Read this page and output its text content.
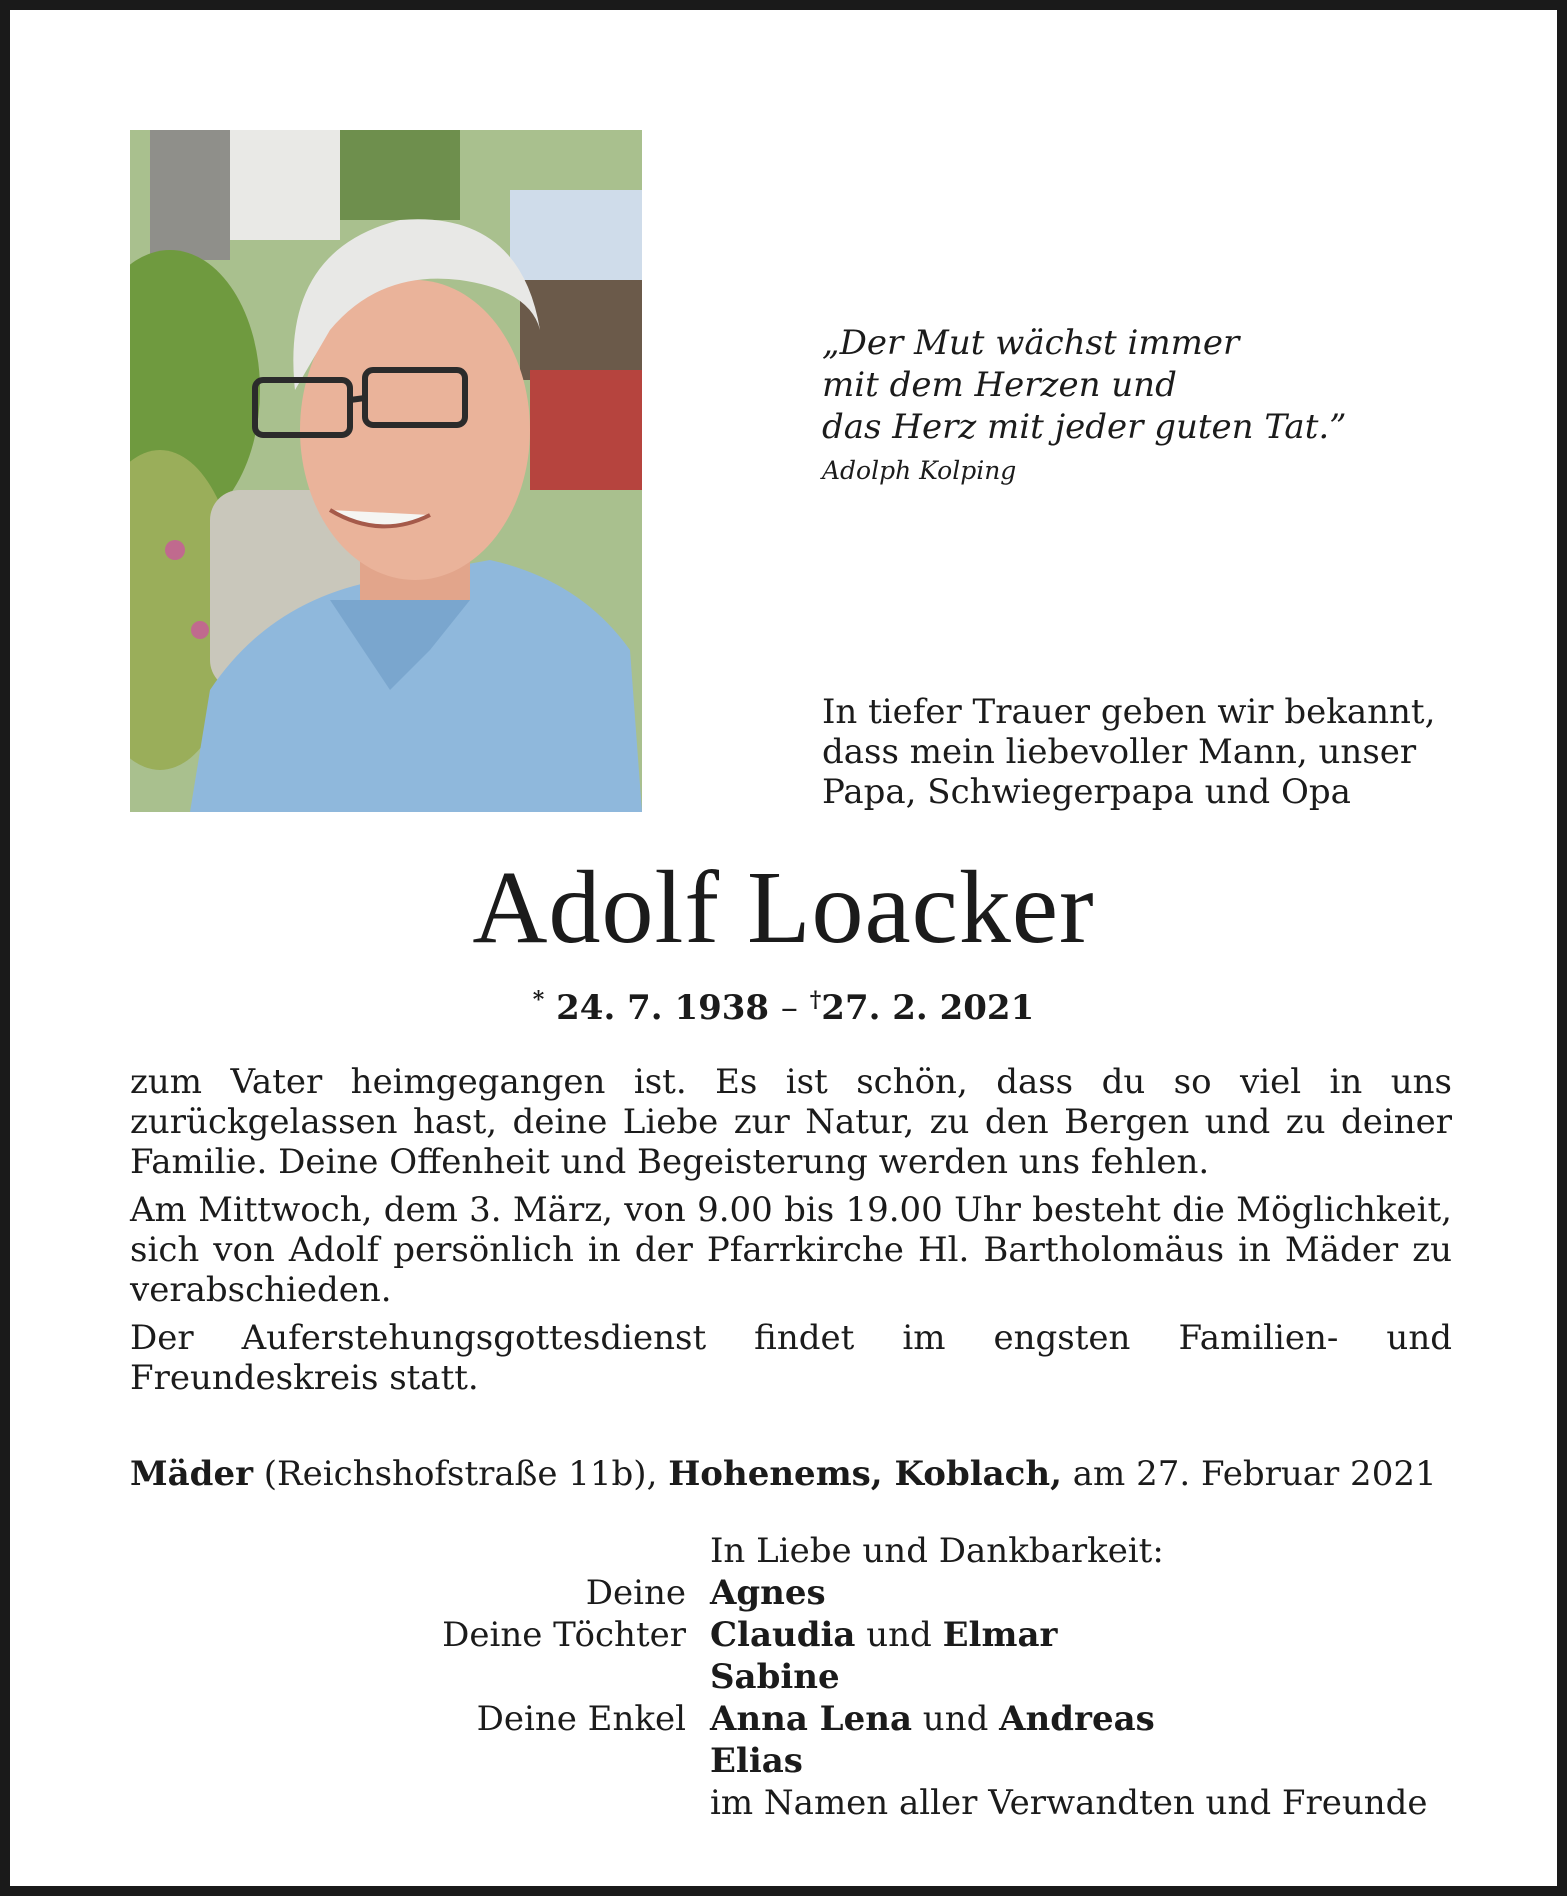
„Der Mut wächst immer
mit dem Herzen und
das Herz mit jeder guten Tat.”
Adolph Kolping
In tiefer Trauer geben wir bekannt,
dass mein liebevoller Mann, unser
Papa, Schwiegerpapa und Opa
Adolf Loacker
* 24. 7. 1938 – †27. 2. 2021

zum Vater heimgegangen ist. Es ist schön, dass du so viel in uns zurückgelassen hast, deine Liebe zur Natur, zu den Bergen und zu deiner Familie. Deine Offenheit und Begeisterung werden uns fehlen.

Am Mittwoch, dem 3. März, von 9.00 bis 19.00 Uhr besteht die Möglichkeit, sich von Adolf persönlich in der Pfarrkirche Hl. Bartholomäus in Mäder zu verabschieden.

Der Auferstehungsgottesdienst findet im engsten Familien- und Freundeskreis statt.

Mäder (Reichshofstraße 11b), Hohenems, Koblach, am 27. Februar 2021
In Liebe und Dankbarkeit:
Deine Agnes
Deine Töchter Claudia und Elmar
Sabine
Deine Enkel Anna Lena und Andreas
Elias
im Namen aller Verwandten und Freunde
